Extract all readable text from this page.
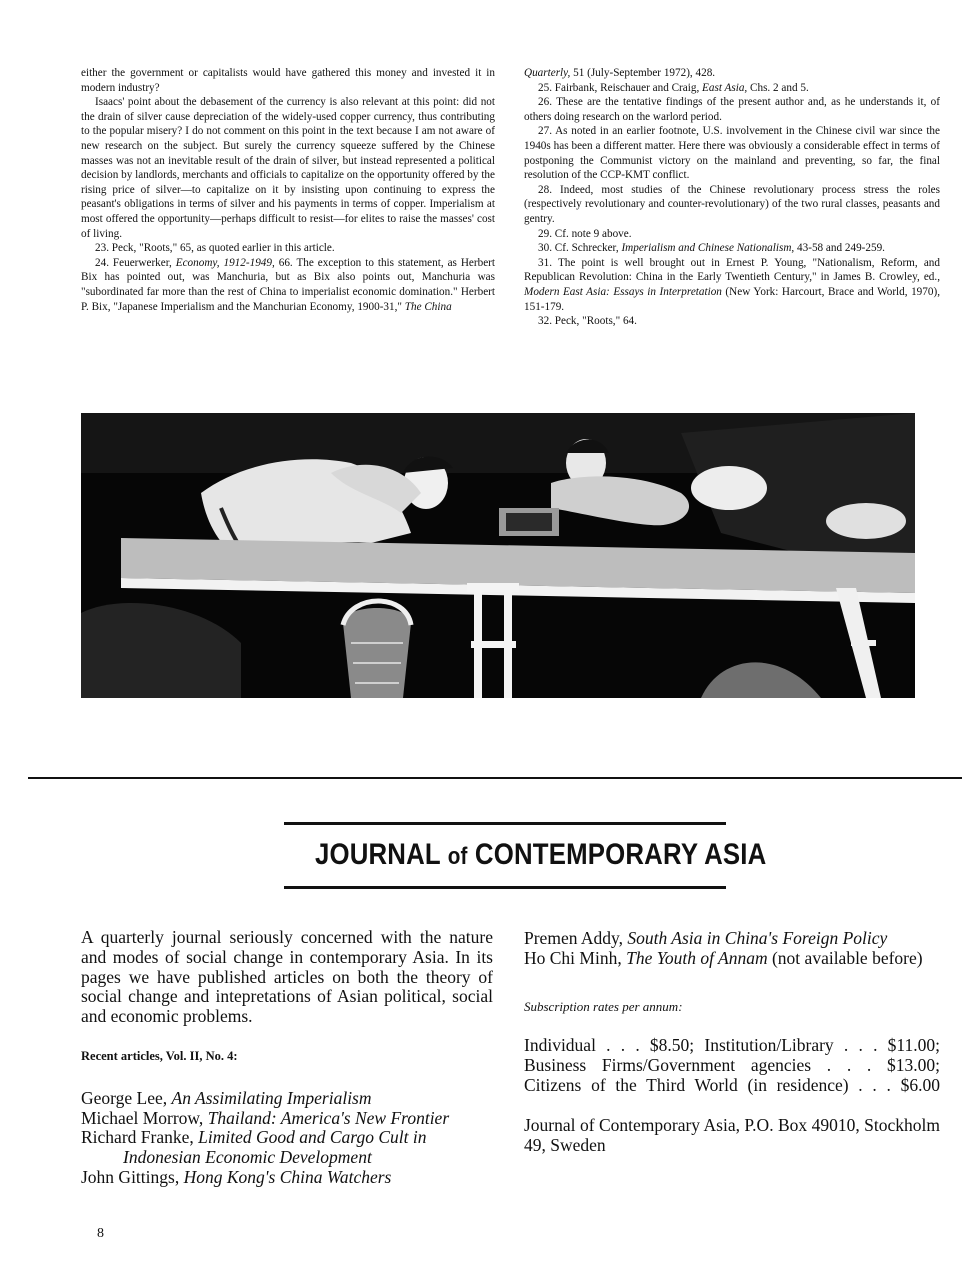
either the government or capitalists would have gathered this money and invested it in modern industry?

Isaacs' point about the debasement of the currency is also relevant at this point: did not the drain of silver cause depreciation of the widely-used copper currency, thus contributing to the popular misery? I do not comment on this point in the text because I am not aware of new research on the subject. But surely the currency squeeze suffered by the Chinese masses was not an inevitable result of the drain of silver, but instead represented a political decision by landlords, merchants and officials to capitalize on the opportunity offered by the rising price of silver—to capitalize on it by insisting upon continuing to express the peasant's obligations in terms of silver and his payments in terms of copper. Imperialism at most offered the opportunity—perhaps difficult to resist—for elites to raise the masses' cost of living.

23. Peck, "Roots," 65, as quoted earlier in this article.

24. Feuerwerker, Economy, 1912-1949, 66. The exception to this statement, as Herbert Bix has pointed out, was Manchuria, but as Bix also points out, Manchuria was "subordinated far more than the rest of China to imperialist economic domination." Herbert P. Bix, "Japanese Imperialism and the Manchurian Economy, 1900-31," The China

Quarterly, 51 (July-September 1972), 428.

25. Fairbank, Reischauer and Craig, East Asia, Chs. 2 and 5.

26. These are the tentative findings of the present author and, as he understands it, of others doing research on the warlord period.

27. As noted in an earlier footnote, U.S. involvement in the Chinese civil war since the 1940s has been a different matter. Here there was obviously a considerable effect in terms of postponing the Communist victory on the mainland and preventing, so far, the final resolution of the CCP-KMT conflict.

28. Indeed, most studies of the Chinese revolutionary process stress the roles (respectively revolutionary and counter-revolutionary) of the two rural classes, peasants and gentry.

29. Cf. note 9 above.

30. Cf. Schrecker, Imperialism and Chinese Nationalism, 43-58 and 249-259.

31. The point is well brought out in Ernest P. Young, "Nationalism, Reform, and Republican Revolution: China in the Early Twentieth Century," in James B. Crowley, ed., Modern East Asia: Essays in Interpretation (New York: Harcourt, Brace and World, 1970), 151-179.

32. Peck, "Roots," 64.

JOURNAL of CONTEMPORARY ASIA

A quarterly journal seriously concerned with the nature and modes of social change in contemporary Asia. In its pages we have published articles on both the theory of social change and intepretations of Asian political, social and economic problems.

Recent articles, Vol. II, No. 4:

George Lee, An Assimilating Imperialism

Michael Morrow, Thailand: America's New Frontier

Richard Franke, Limited Good and Cargo Cult in Indonesian Economic Development

John Gittings, Hong Kong's China Watchers

Premen Addy, South Asia in China's Foreign Policy

Ho Chi Minh, The Youth of Annam (not available before)

Subscription rates per annum:

Individual . . . $8.50; Institution/Library . . . $11.00;

Business Firms/Government agencies . . . $13.00;

Citizens of the Third World (in residence) . . . $6.00

Journal of Contemporary Asia, P.O. Box 49010, Stockholm 49, Sweden

8
